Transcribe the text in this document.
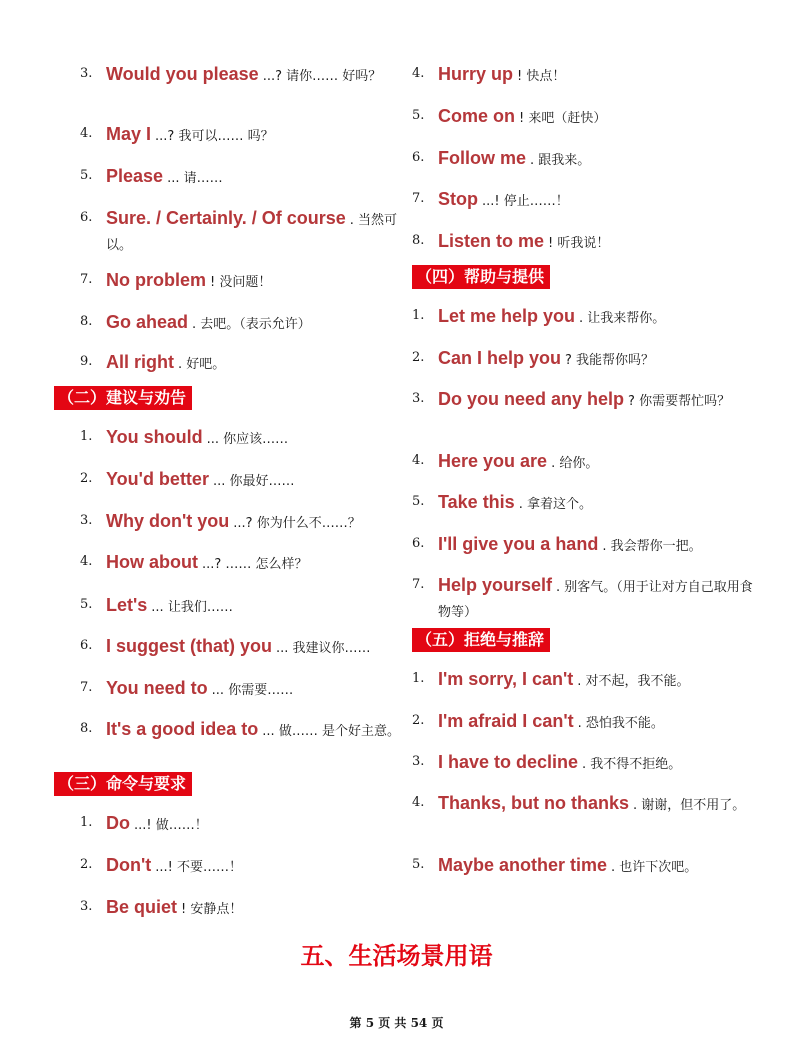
3. Would you please ...? 请你…… 好吗？
4. May I ...? 我可以…… 吗？
5. Please ... 请……
6. Sure. / Certainly. / Of course . 当然可以。
7. No problem ! 没问题！
8. Go ahead . 去吧。（表示允许）
9. All right . 好吧。
（二）建议与劝告
1. You should ... 你应该……
2. You'd better ... 你最好……
3. Why don't you ...? 你为什么不……？
4. How about ...? …… 怎么样？
5. Let's ... 让我们……
6. I suggest (that) you ... 我建议你……
7. You need to ... 你需要……
8. It's a good idea to ... 做…… 是个好主意。
（三）命令与要求
1. Do ...! 做……！
2. Don't ...! 不要……！
3. Be quiet ! 安静点！
4. Hurry up ! 快点！
5. Come on ! 来吧（赶快）
6. Follow me . 跟我来。
7. Stop ...! 停止……！
8. Listen to me ! 听我说！
（四）帮助与提供
1. Let me help you . 让我来帮你。
2. Can I help you ? 我能帮你吗？
3. Do you need any help ? 你需要帮忙吗？
4. Here you are . 给你。
5. Take this . 拿着这个。
6. I'll give you a hand . 我会帮你一把。
7. Help yourself . 别客气。（用于让对方自己取用食物等）
（五）拒绝与推辞
1. I'm sorry, I can't . 对不起，我不能。
2. I'm afraid I can't . 恐怕我不能。
3. I have to decline . 我不得不拒绝。
4. Thanks, but no thanks . 谢谢，但不用了。
5. Maybe another time . 也许下次吧。
五、生活场景用语
第 5 页 共 54 页
